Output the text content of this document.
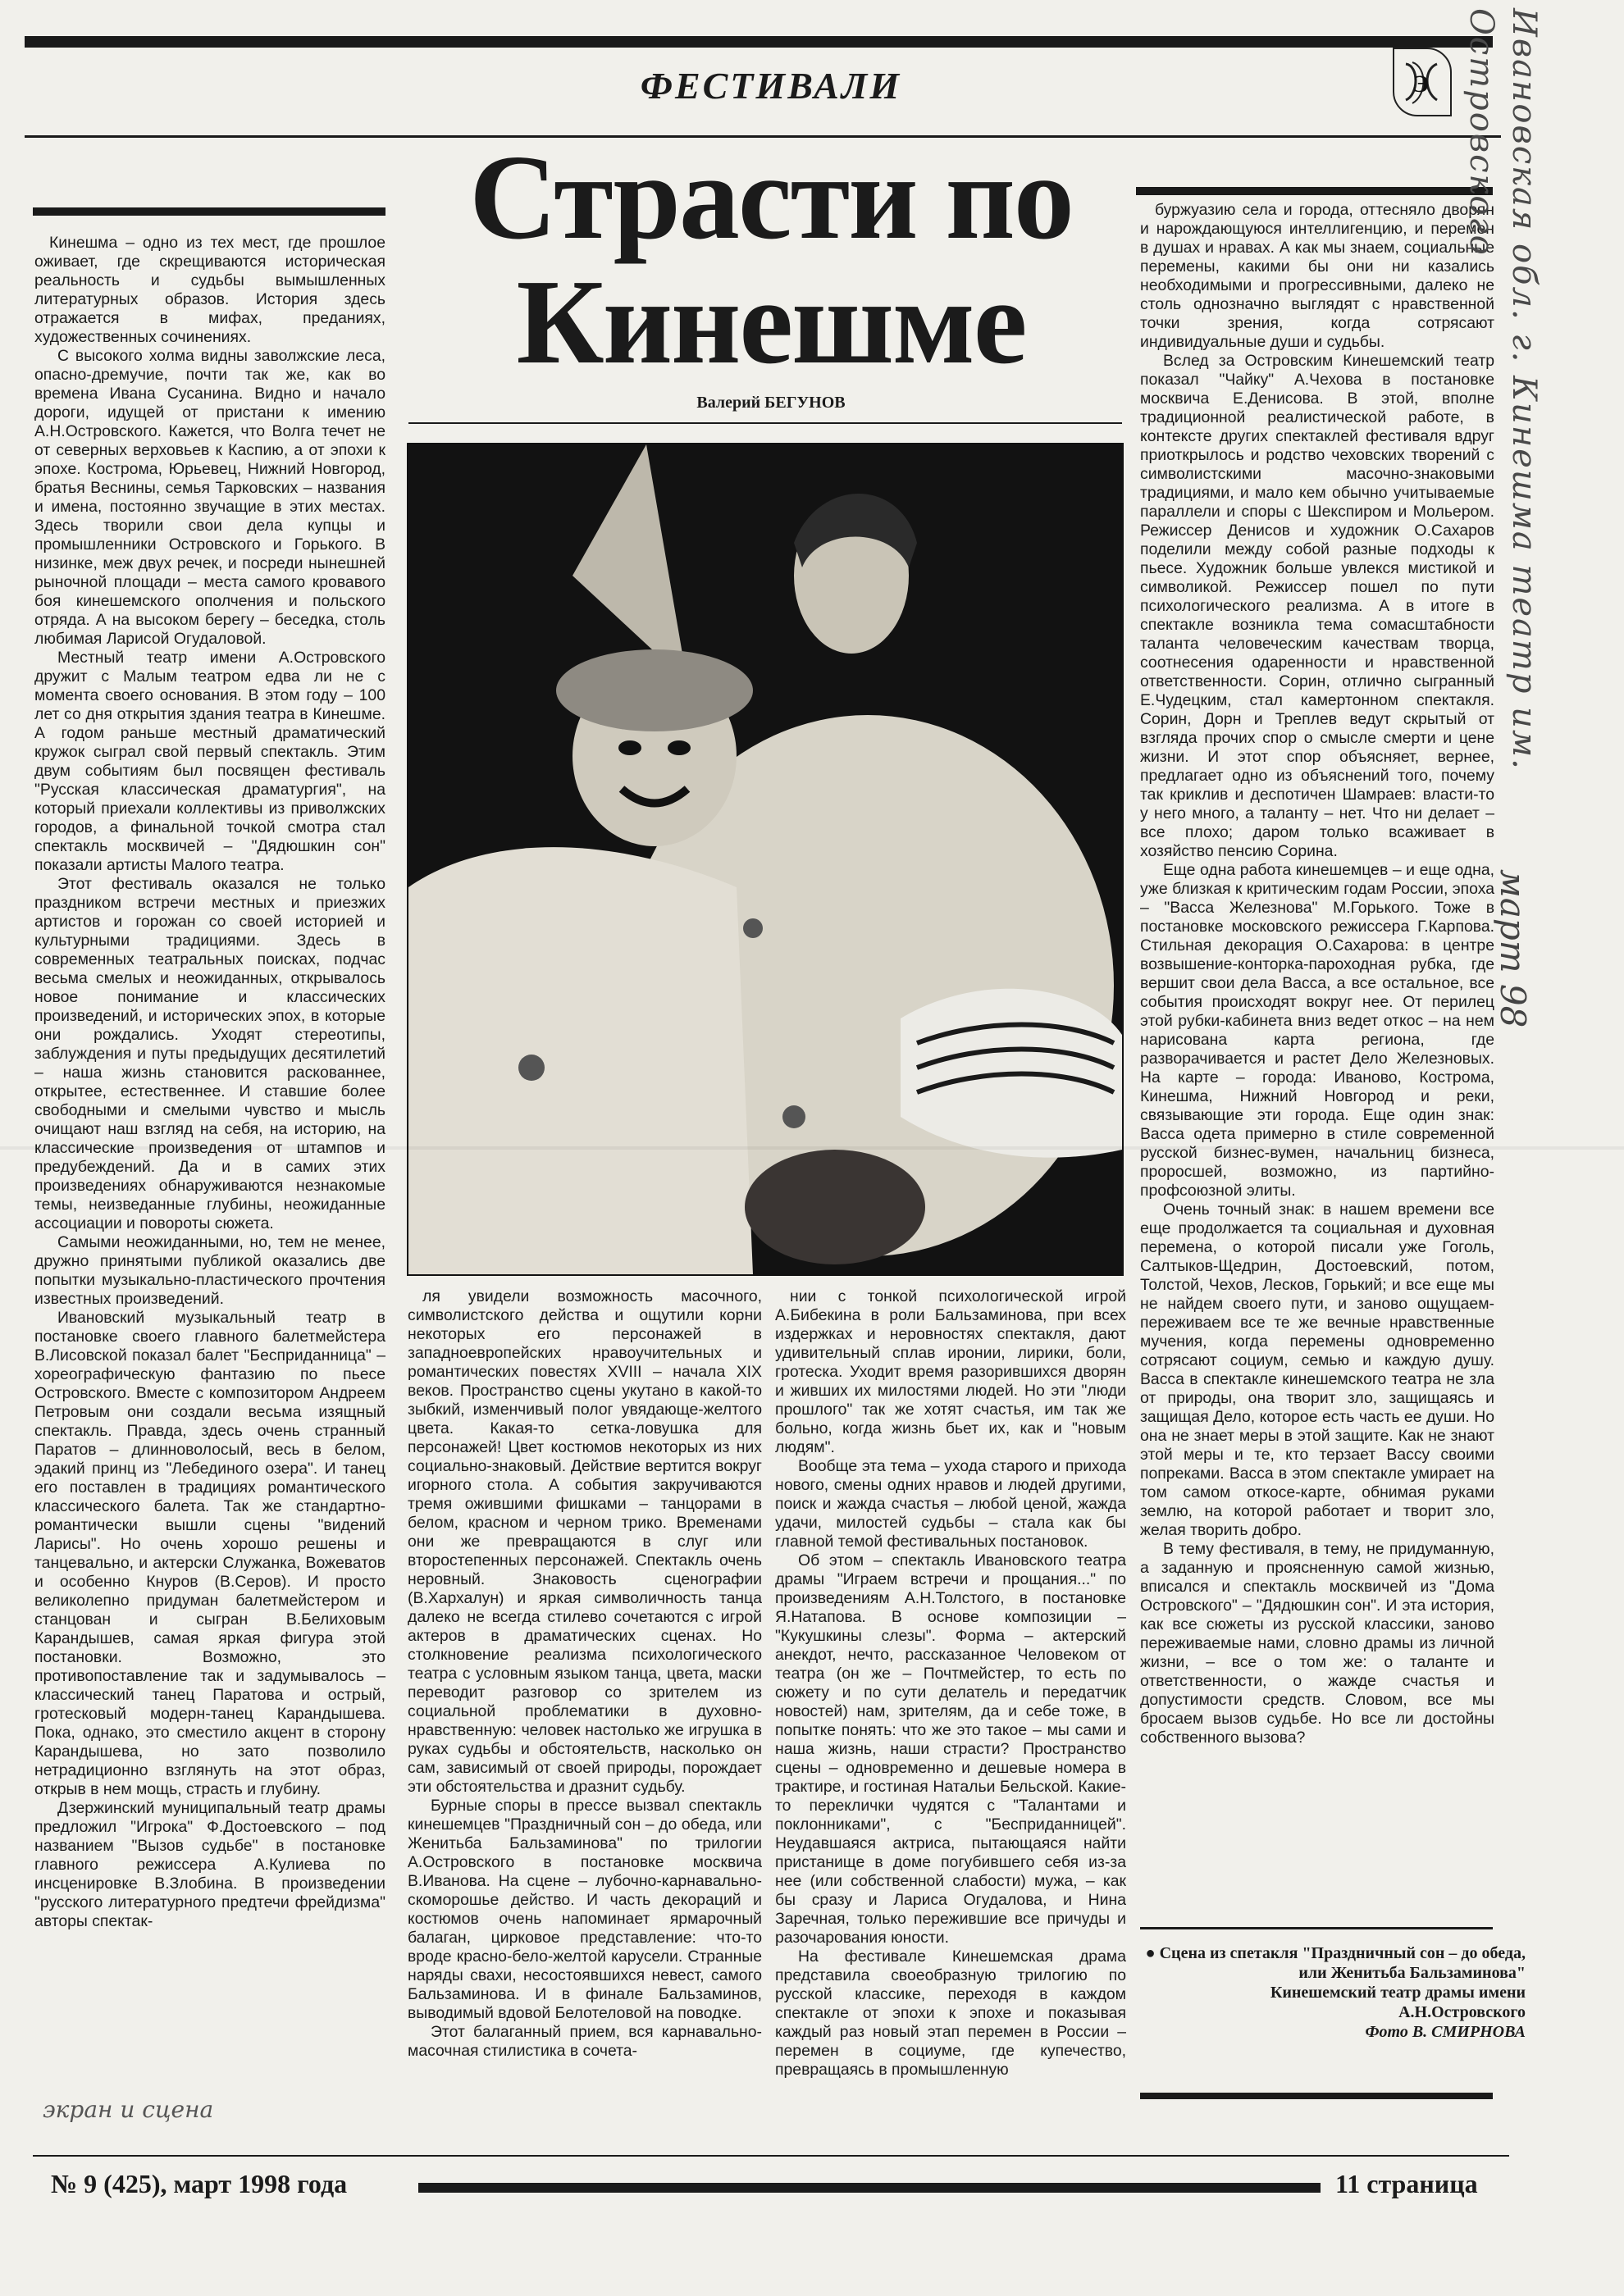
ФЕСТИВАЛИ	Э
Страсти по
Кинешме
Валерий БЕГУНОВ

Кинешма – одно из тех мест, где прошлое оживает, где скрещиваются историческая реальность и судьбы вымышленных литературных образов. История здесь отражается в мифах, преданиях, художественных сочинениях.

С высокого холма видны заволжские леса, опасно-дремучие, почти так же, как во времена Ивана Сусанина. Видно и начало дороги, идущей от пристани к имению А.Н.Островского. Кажется, что Волга течет не от северных верховьев к Каспию, а от эпохи к эпохе. Кострома, Юрьевец, Нижний Новгород, братья Веснины, семья Тарковских – названия и имена, постоянно звучащие в этих местах. Здесь творили свои дела купцы и промышленники Островского и Горького. В низинке, меж двух речек, и посреди нынешней рыночной площади – места самого кровавого боя кинешемского ополчения и польского отряда. А на высоком берегу – беседка, столь любимая Ларисой Огудаловой.

Местный театр имени А.Островского дружит с Малым театром едва ли не с момента своего основания. В этом году – 100 лет со дня открытия здания театра в Кинешме. А годом раньше местный драматический кружок сыграл свой первый спектакль. Этим двум событиям был посвящен фестиваль "Русская классическая драматургия", на который приехали коллективы из приволжских городов, а финальной точкой смотра стал спектакль москвичей – "Дядюшкин сон" показали артисты Малого театра.

Этот фестиваль оказался не только праздником встречи местных и приезжих артистов и горожан со своей историей и культурными традициями. Здесь в современных театральных поисках, подчас весьма смелых и неожиданных, открывалось новое понимание и классических произведений, и исторических эпох, в которые они рождались. Уходят стереотипы, заблуждения и путы предыдущих десятилетий – наша жизнь становится раскованнее, открытее, естественнее. И ставшие более свободными и смелыми чувство и мысль очищают наш взгляд на себя, на историю, на классические произведения от штампов и предубеждений. Да и в самих этих произведениях обнаруживаются незнакомые темы, неизведанные глубины, неожиданные ассоциации и повороты сюжета.

Самыми неожиданными, но, тем не менее, дружно принятыми публикой оказались две попытки музыкально-пластического прочтения известных произведений.

Ивановский музыкальный театр в постановке своего главного балетмейстера В.Лисовской показал балет "Бесприданница" – хореографическую фантазию по пьесе Островского. Вместе с композитором Андреем Петровым они создали весьма изящный спектакль. Правда, здесь очень странный Паратов – длинноволосый, весь в белом, эдакий принц из "Лебединого озера". И танец его поставлен в традициях романтического классического балета. Так же стандартно-романтически вышли сцены "видений Ларисы". Но очень хорошо решены и танцевально, и актерски Служанка, Вожеватов и особенно Кнуров (В.Серов). И просто великолепно придуман балетмейстером и станцован и сыгран В.Белиховым Карандышев, самая яркая фигура этой постановки. Возможно, это противопоставление так и задумывалось – классический танец Паратова и острый, гротесковый модерн-танец Карандышева. Пока, однако, это сместило акцент в сторону Карандышева, но зато позволило нетрадиционно взглянуть на этот образ, открыв в нем мощь, страсть и глубину.

Дзержинский муниципальный театр драмы предложил "Игрока" Ф.Достоевского – под названием "Вызов судьбе" в постановке главного режиссера А.Кулиева по инсценировке В.Злобина. В произведении "русского литературного предтечи фрейдизма" авторы спектак-

ля увидели возможность масочного, символистского действа и ощутили корни некоторых его персонажей в западноевропейских нравоучительных и романтических повестях XVIII – начала XIX веков. Пространство сцены укутано в какой-то зыбкий, изменчивый полог увядающе-желтого цвета. Какая-то сетка-ловушка для персонажей! Цвет костюмов некоторых из них социально-знаковый. Действие вертится вокруг игорного стола. А события закручиваются тремя ожившими фишками – танцорами в белом, красном и черном трико. Временами они же превращаются в слуг или второстепенных персонажей. Спектакль очень неровный. Знаковость сценографии (В.Хархалун) и яркая символичность танца далеко не всегда стилево сочетаются с игрой актеров в драматических сценах. Но столкновение реализма психологического театра с условным языком танца, цвета, маски переводит разговор со зрителем из социальной проблематики в духовно-нравственную: человек настолько же игрушка в руках судьбы и обстоятельств, насколько он сам, зависимый от своей природы, порождает эти обстоятельства и дразнит судьбу.

Бурные споры в прессе вызвал спектакль кинешемцев "Праздничный сон – до обеда, или Женитьба Бальзаминова" по трилогии А.Островского в постановке москвича В.Иванова. На сцене – лубочно-карнавально-скоморошье действо. И часть декораций и костюмов очень напоминает ярмарочный балаган, цирковое представление: что-то вроде красно-бело-желтой карусели. Странные наряды свахи, несостоявшихся невест, самого Бальзаминова. И в финале Бальзаминов, выводимый вдовой Белотеловой на поводке.

Этот балаганный прием, вся карнавально-масочная стилистика в сочета-

нии с тонкой психологической игрой А.Бибекина в роли Бальзаминова, при всех издержках и неровностях спектакля, дают удивительный сплав иронии, лирики, боли, гротеска. Уходит время разорившихся дворян и живших их милостями людей. Но эти "люди прошлого" так же хотят счастья, им так же больно, когда жизнь бьет их, как и "новым людям".

Вообще эта тема – ухода старого и прихода нового, смены одних нравов и людей другими, поиск и жажда счастья – любой ценой, жажда удачи, милостей судьбы – стала как бы главной темой фестивальных постановок.

Об этом – спектакль Ивановского театра драмы "Играем встречи и прощания..." по произведениям А.Н.Толстого, в постановке Я.Натапова. В основе композиции – "Кукушкины слезы". Форма – актерский анекдот, нечто, рассказанное Человеком от театра (он же – Почтмейстер, то есть по сюжету и по сути делатель и передатчик новостей) нам, зрителям, да и себе тоже, в попытке понять: что же это такое – мы сами и наша жизнь, наши страсти? Пространство сцены – одновременно и дешевые номера в трактире, и гостиная Натальи Бельской. Какие-то переклички чудятся с "Талантами и поклонниками", с "Бесприданницей". Неудавшаяся актриса, пытающаяся найти пристанище в доме погубившего себя из-за нее (или собственной слабости) мужа, – как бы сразу и Лариса Огудалова, и Нина Заречная, только пережившие все причуды и разочарования юности.

На фестивале Кинешемская драма представила своеобразную трилогию по русской классике, переходя в каждом спектакле от эпохи к эпохе и показывая каждый раз новый этап перемен в России – перемен в социуме, где купечество, превращаясь в промышленную

буржуазию села и города, оттесняло дворян и нарождающуюся интеллигенцию, и перемен в душах и нравах. А как мы знаем, социальные перемены, какими бы они ни казались необходимыми и прогрессивными, далеко не столь однозначно выглядят с нравственной точки зрения, когда сотрясают индивидуальные души и судьбы.

Вслед за Островским Кинешемский театр показал "Чайку" А.Чехова в постановке москвича Е.Денисова. В этой, вполне традиционной реалистической работе, в контексте других спектаклей фестиваля вдруг приоткрылось и родство чеховских творений с символистскими масочно-знаковыми традициями, и мало кем обычно учитываемые параллели и споры с Шекспиром и Мольером. Режиссер Денисов и художник О.Сахаров поделили между собой разные подходы к пьесе. Художник больше увлекся мистикой и символикой. Режиссер пошел по пути психологического реализма. А в итоге в спектакле возникла тема сомасштабности таланта человеческим качествам творца, соотнесения одаренности и нравственной ответственности. Сорин, отлично сыгранный Е.Чудецким, стал камертонном спектакля. Сорин, Дорн и Треплев ведут скрытый от взгляда прочих спор о смысле смерти и цене жизни. И этот спор объясняет, вернее, предлагает одно из объяснений того, почему так криклив и деспотичен Шамраев: власти-то у него много, а таланту – нет. Что ни делает – все плохо; даром только всаживает в хозяйство пенсию Сорина.

Еще одна работа кинешемцев – и еще одна, уже близкая к критическим годам России, эпоха – "Васса Железнова" М.Горького. Тоже в постановке московского режиссера Г.Карпова. Стильная декорация О.Сахарова: в центре возвышение-конторка-пароходная рубка, где вершит свои дела Васса, а все остальное, все события происходят вокруг нее. От перилец этой рубки-кабинета вниз ведет откос – на нем нарисована карта региона, где разворачивается и растет Дело Железновых. На карте – города: Иваново, Кострома, Кинешма, Нижний Новгород и реки, связывающие эти города. Еще один знак: Васса одета примерно в стиле современной русской бизнес-вумен, начальниц бизнеса, проросшей, возможно, из партийно-профсоюзной элиты.

Очень точный знак: в нашем времени все еще продолжается та социальная и духовная перемена, о которой писали уже Гоголь, Салтыков-Щедрин, Достоевский, потом, Толстой, Чехов, Лесков, Горький; и все еще мы не найдем своего пути, и заново ощущаем-переживаем все те же вечные нравственные мучения, когда перемены одновременно сотрясают социум, семью и каждую душу. Васса в спектакле кинешемского театра не зла от природы, она творит зло, защищаясь и защищая Дело, которое есть часть ее души. Но она не знает меры в этой защите. Как не знают этой меры и те, кто терзает Вассу своими попреками. Васса в этом спектакле умирает на том самом откосе-карте, обнимая руками землю, на которой работает и творит зло, желая творить добро.

В тему фестиваля, в тему, не придуманную, а заданную и проясненную самой жизнью, вписался и спектакль москвичей из "Дома Островского" – "Дядюшкин сон". И эта история, как все сюжеты из русской классики, заново переживаемые нами, словно драмы из личной жизни, – все о том же: о таланте и ответственности, о жажде счастья и допустимости средств. Словом, все мы бросаем вызов судьбе. Но все ли достойны собственного вызова?

● Сцена из спетакля "Праздничный сон – до обеда, или Женитьба Бальзаминова"
Кинешемский театр драмы имени А.Н.Островского
Фото В. СМИРНОВА
№ 9 (425), март 1998 года	11 страница
экран и сцена
Ивановская обл. г. Кинешма театр им. Островского
март 98
